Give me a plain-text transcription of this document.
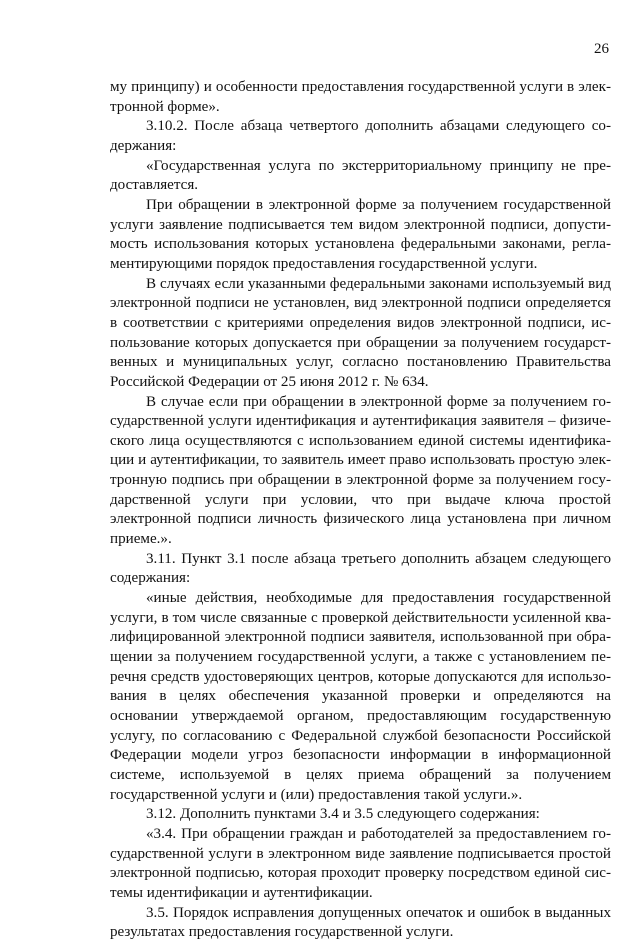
26

му принципу) и особенности предоставления государственной услуги в электронной форме».

3.10.2. После абзаца четвертого дополнить абзацами следующего содержания:

«Государственная услуга по экстерриториальному принципу не предоставляется.

При обращении в электронной форме за получением государственной услуги заявление подписывается тем видом электронной подписи, допустимость использования которых установлена федеральными законами, регламентирующими порядок предоставления государственной услуги.

В случаях если указанными федеральными законами используемый вид электронной подписи не установлен, вид электронной подписи определяется в соответствии с критериями определения видов электронной подписи, использование которых допускается при обращении за получением государственных и муниципальных услуг, согласно постановлению Правительства Российской Федерации от 25 июня 2012 г. № 634.

В случае если при обращении в электронной форме за получением государственной услуги идентификация и аутентификация заявителя – физического лица осуществляются с использованием единой системы идентификации и аутентификации, то заявитель имеет право использовать простую электронную подпись при обращении в электронной форме за получением государственной услуги при условии, что при выдаче ключа простой электронной подписи личность физического лица установлена при личном приеме.».

3.11. Пункт 3.1 после абзаца третьего дополнить абзацем следующего содержания:

«иные действия, необходимые для предоставления государственной услуги, в том числе связанные с проверкой действительности усиленной квалифицированной электронной подписи заявителя, использованной при обращении за получением государственной услуги, а также с установлением перечня средств удостоверяющих центров, которые допускаются для использования в целях обеспечения указанной проверки и определяются на основании утверждаемой органом, предоставляющим государственную услугу, по согласованию с Федеральной службой безопасности Российской Федерации модели угроз безопасности информации в информационной системе, используемой в целях приема обращений за получением государственной услуги и (или) предоставления такой услуги.».

3.12. Дополнить пунктами 3.4 и 3.5 следующего содержания:

«3.4. При обращении граждан и работодателей за предоставлением государственной услуги в электронном виде заявление подписывается простой электронной подписью, которая проходит проверку посредством единой системы идентификации и аутентификации.

3.5. Порядок исправления допущенных опечаток и ошибок в выданных результатах предоставления государственной услуги.
